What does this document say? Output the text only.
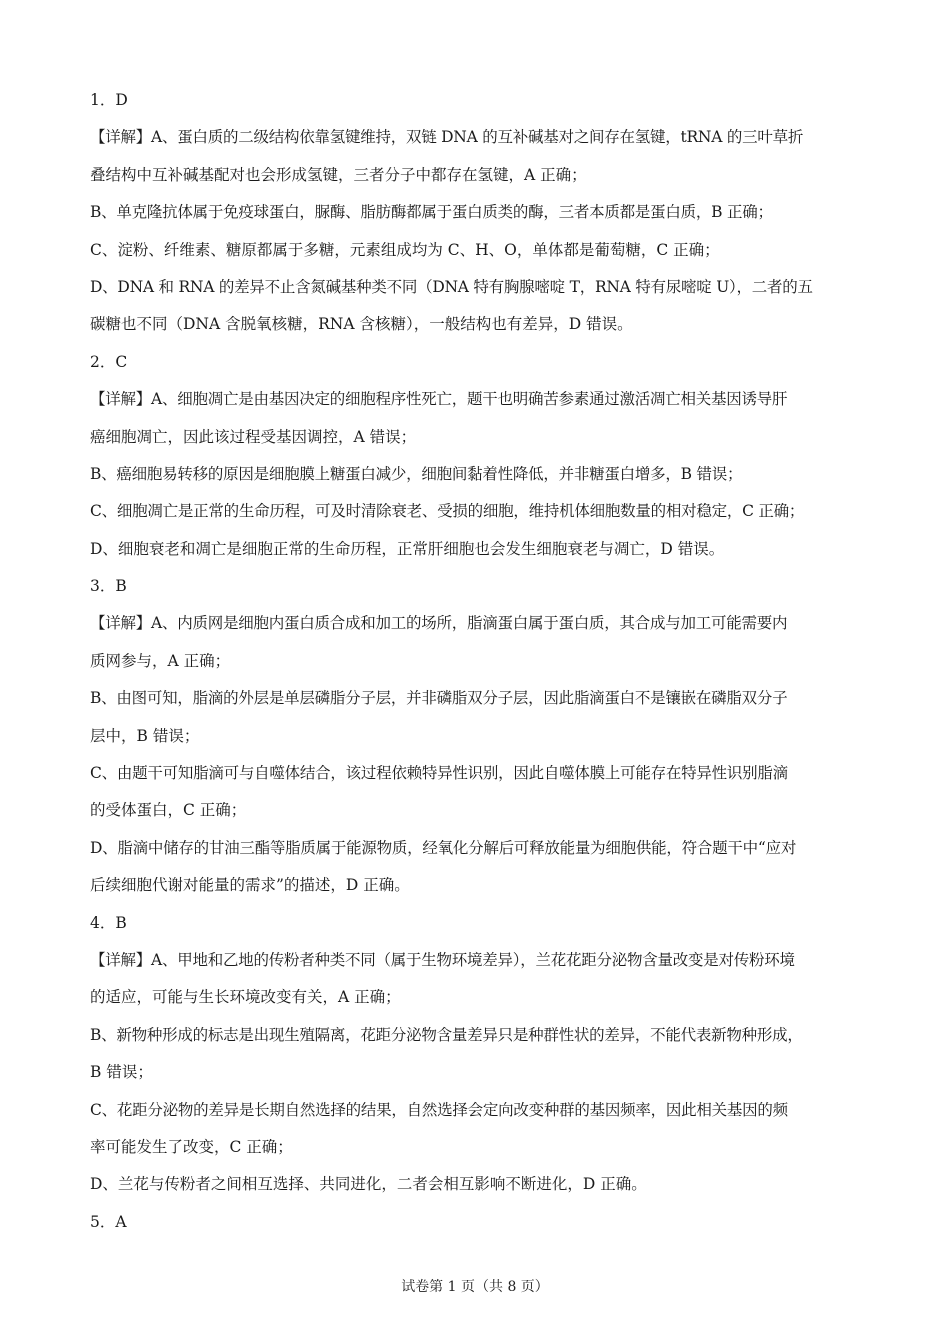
1．D
【详解】A、蛋白质的二级结构依靠氢键维持，双链 DNA 的互补碱基对之间存在氢键，tRNA 的三叶草折
叠结构中互补碱基配对也会形成氢键，三者分子中都存在氢键，A 正确；
B、单克隆抗体属于免疫球蛋白，脲酶、脂肪酶都属于蛋白质类的酶，三者本质都是蛋白质，B 正确；
C、淀粉、纤维素、糖原都属于多糖，元素组成均为 C、H、O，单体都是葡萄糖，C 正确；
D、DNA 和 RNA 的差异不止含氮碱基种类不同（DNA 特有胸腺嘧啶 T，RNA 特有尿嘧啶 U），二者的五
碳糖也不同（DNA 含脱氧核糖，RNA 含核糖），一般结构也有差异，D 错误。
2．C
【详解】A、细胞凋亡是由基因决定的细胞程序性死亡，题干也明确苦参素通过激活凋亡相关基因诱导肝
癌细胞凋亡，因此该过程受基因调控，A 错误；
B、癌细胞易转移的原因是细胞膜上糖蛋白减少，细胞间黏着性降低，并非糖蛋白增多，B 错误；
C、细胞凋亡是正常的生命历程，可及时清除衰老、受损的细胞，维持机体细胞数量的相对稳定，C 正确；
D、细胞衰老和凋亡是细胞正常的生命历程，正常肝细胞也会发生细胞衰老与凋亡，D 错误。
3．B
【详解】A、内质网是细胞内蛋白质合成和加工的场所，脂滴蛋白属于蛋白质，其合成与加工可能需要内
质网参与，A 正确；
B、由图可知，脂滴的外层是单层磷脂分子层，并非磷脂双分子层，因此脂滴蛋白不是镶嵌在磷脂双分子
层中，B 错误；
C、由题干可知脂滴可与自噬体结合，该过程依赖特异性识别，因此自噬体膜上可能存在特异性识别脂滴
的受体蛋白，C 正确；
D、脂滴中储存的甘油三酯等脂质属于能源物质，经氧化分解后可释放能量为细胞供能，符合题干中“应对
后续细胞代谢对能量的需求”的描述，D 正确。
4．B
【详解】A、甲地和乙地的传粉者种类不同（属于生物环境差异），兰花花距分泌物含量改变是对传粉环境
的适应，可能与生长环境改变有关，A 正确；
B、新物种形成的标志是出现生殖隔离，花距分泌物含量差异只是种群性状的差异，不能代表新物种形成，
B 错误；
C、花距分泌物的差异是长期自然选择的结果，自然选择会定向改变种群的基因频率，因此相关基因的频
率可能发生了改变，C 正确；
D、兰花与传粉者之间相互选择、共同进化，二者会相互影响不断进化，D 正确。
5．A
试卷第 1 页（共 8 页）
